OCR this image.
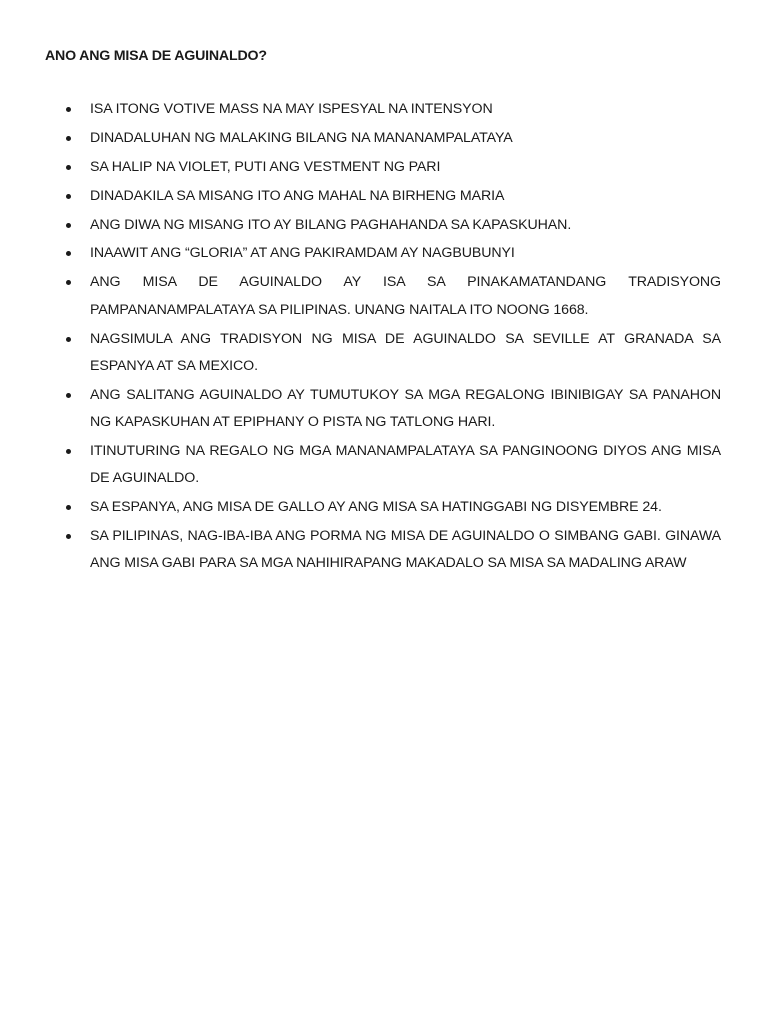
ANO ANG MISA DE AGUINALDO?
ISA ITONG VOTIVE MASS NA MAY ISPESYAL NA INTENSYON
DINADALUHAN NG MALAKING BILANG NA MANANAMPALATAYA
SA HALIP NA VIOLET, PUTI ANG VESTMENT NG PARI
DINADAKILA SA MISANG ITO ANG MAHAL NA BIRHENG MARIA
ANG DIWA NG MISANG ITO AY BILANG PAGHAHANDA SA KAPASKUHAN.
INAAWIT ANG “GLORIA” AT ANG PAKIRAMDAM AY NAGBUBUNYI
ANG MISA DE AGUINALDO AY ISA SA PINAKAMATANDANG TRADISYONG PAMPANANAMPALATAYA SA PILIPINAS. UNANG NAITALA ITO NOONG 1668.
NAGSIMULA ANG TRADISYON NG MISA DE AGUINALDO SA SEVILLE AT GRANADA SA ESPANYA AT SA MEXICO.
ANG SALITANG AGUINALDO AY TUMUTUKOY SA MGA REGALONG IBINIBIGAY SA PANAHON NG KAPASKUHAN AT EPIPHANY O PISTA NG TATLONG HARI.
ITINUTURING NA REGALO NG MGA MANANAMPALATAYA SA PANGINOONG DIYOS ANG MISA DE AGUINALDO.
SA ESPANYA, ANG MISA DE GALLO AY ANG MISA SA HATINGGABI NG DISYEMBRE 24.
SA PILIPINAS, NAG-IBA-IBA ANG PORMA NG MISA DE AGUINALDO O SIMBANG GABI. GINAWA ANG MISA GABI PARA SA MGA NAHIHIRAPANG MAKADALO SA MISA SA MADALING ARAW
